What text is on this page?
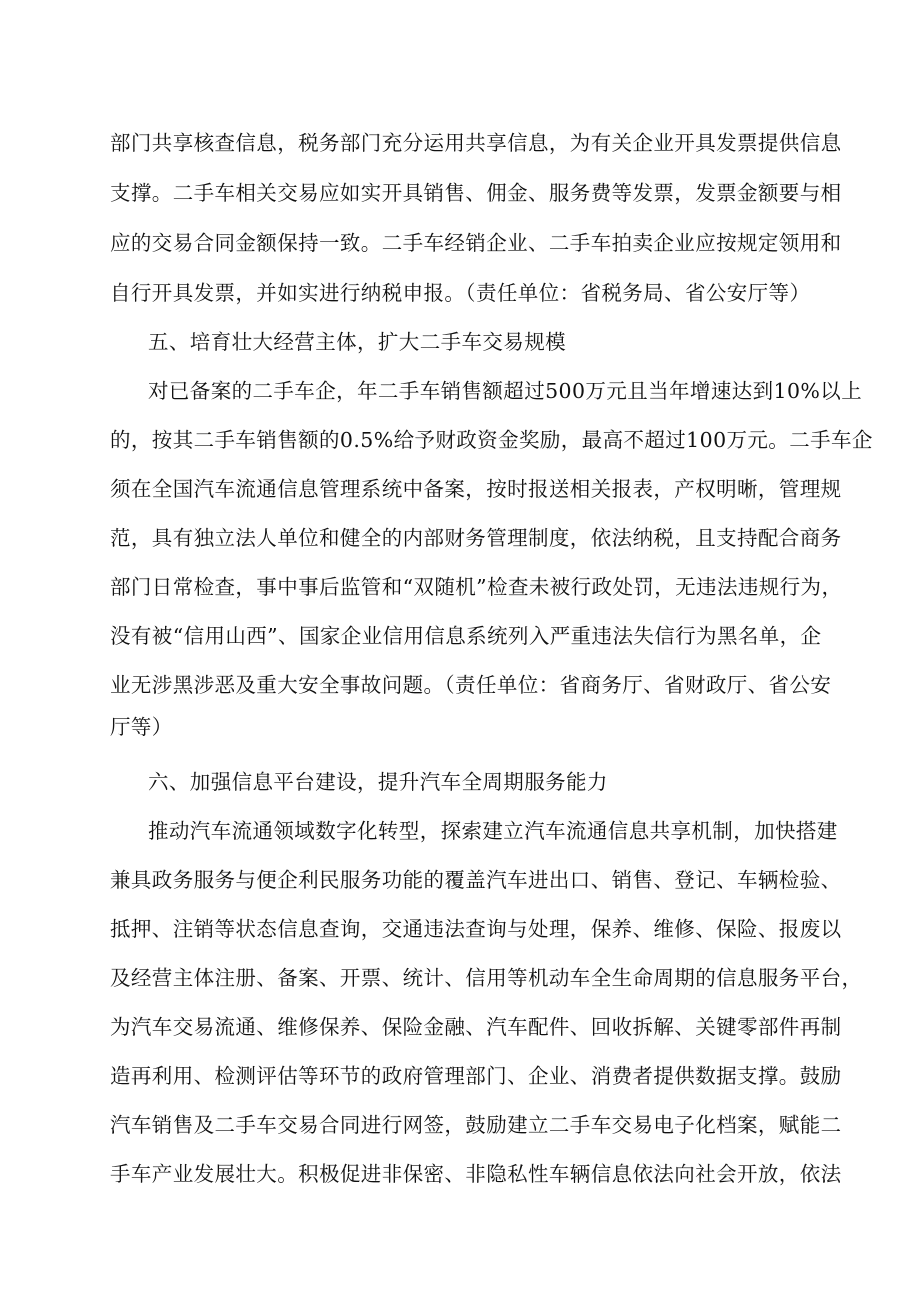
部门共享核查信息，税务部门充分运用共享信息，为有关企业开具发票提供信息
支撑。二手车相关交易应如实开具销售、佣金、服务费等发票，发票金额要与相
应的交易合同金额保持一致。二手车经销企业、二手车拍卖企业应按规定领用和
自行开具发票，并如实进行纳税申报。（责任单位：省税务局、省公安厅等）
五、培育壮大经营主体，扩大二手车交易规模
对已备案的二手车企，年二手车销售额超过500万元且当年增速达到10%以上
的，按其二手车销售额的0.5%给予财政资金奖励，最高不超过100万元。二手车企
须在全国汽车流通信息管理系统中备案，按时报送相关报表，产权明晰，管理规
范，具有独立法人单位和健全的内部财务管理制度，依法纳税，且支持配合商务
部门日常检查，事中事后监管和“双随机”检查未被行政处罚，无违法违规行为，
没有被“信用山西”、国家企业信用信息系统列入严重违法失信行为黑名单，企
业无涉黑涉恶及重大安全事故问题。（责任单位：省商务厅、省财政厅、省公安
厅等）
六、加强信息平台建设，提升汽车全周期服务能力
推动汽车流通领域数字化转型，探索建立汽车流通信息共享机制，加快搭建
兼具政务服务与便企利民服务功能的覆盖汽车进出口、销售、登记、车辆检验、
抵押、注销等状态信息查询，交通违法查询与处理，保养、维修、保险、报废以
及经营主体注册、备案、开票、统计、信用等机动车全生命周期的信息服务平台，
为汽车交易流通、维修保养、保险金融、汽车配件、回收拆解、关键零部件再制
造再利用、检测评估等环节的政府管理部门、企业、消费者提供数据支撑。鼓励
汽车销售及二手车交易合同进行网签，鼓励建立二手车交易电子化档案，赋能二
手车产业发展壮大。积极促进非保密、非隐私性车辆信息依法向社会开放，依法
